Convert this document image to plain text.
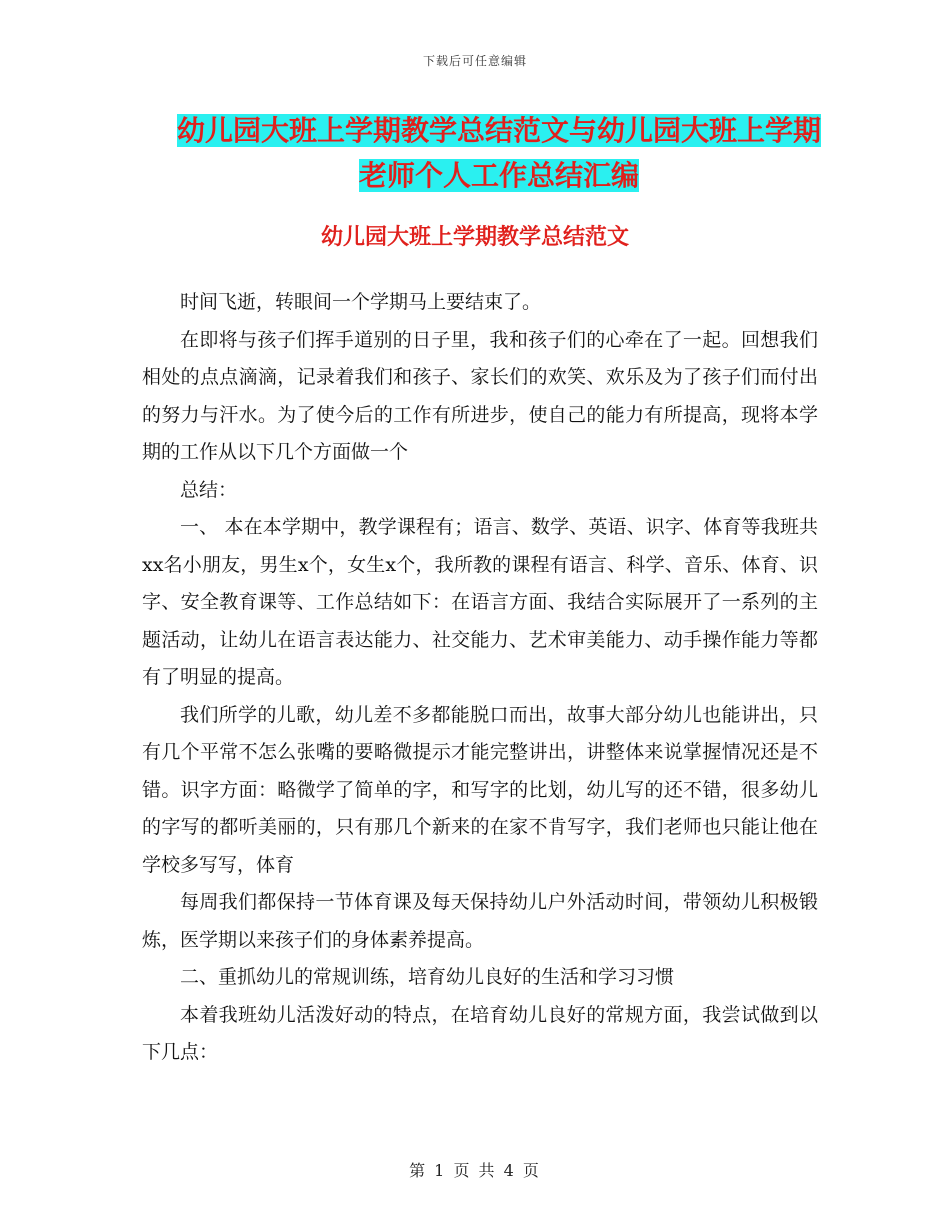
下载后可任意编辑
幼儿园大班上学期教学总结范文与幼儿园大班上学期
老师个人工作总结汇编
幼儿园大班上学期教学总结范文

时间飞逝，转眼间一个学期马上要结束了。

在即将与孩子们挥手道别的日子里，我和孩子们的心牵在了一起。回想我们相处的点点滴滴，记录着我们和孩子、家长们的欢笑、欢乐及为了孩子们而付出的努力与汗水。为了使今后的工作有所进步，使自己的能力有所提高，现将本学期的工作从以下几个方面做一个

总结：

一、 本在本学期中，教学课程有；语言、数学、英语、识字、体育等我班共xx名小朋友，男生x个，女生x个，我所教的课程有语言、科学、音乐、体育、识字、安全教育课等、工作总结如下：在语言方面、我结合实际展开了一系列的主题活动，让幼儿在语言表达能力、社交能力、艺术审美能力、动手操作能力等都有了明显的提高。

我们所学的儿歌，幼儿差不多都能脱口而出，故事大部分幼儿也能讲出，只有几个平常不怎么张嘴的要略微提示才能完整讲出，讲整体来说掌握情况还是不错。识字方面：略微学了简单的字，和写字的比划，幼儿写的还不错，很多幼儿的字写的都听美丽的，只有那几个新来的在家不肯写字，我们老师也只能让他在学校多写写，体育

每周我们都保持一节体育课及每天保持幼儿户外活动时间，带领幼儿积极锻炼，医学期以来孩子们的身体素养提高。

二、重抓幼儿的常规训练，培育幼儿良好的生活和学习习惯

本着我班幼儿活泼好动的特点，在培育幼儿良好的常规方面，我尝试做到以下几点：

第 1 页 共 4 页
